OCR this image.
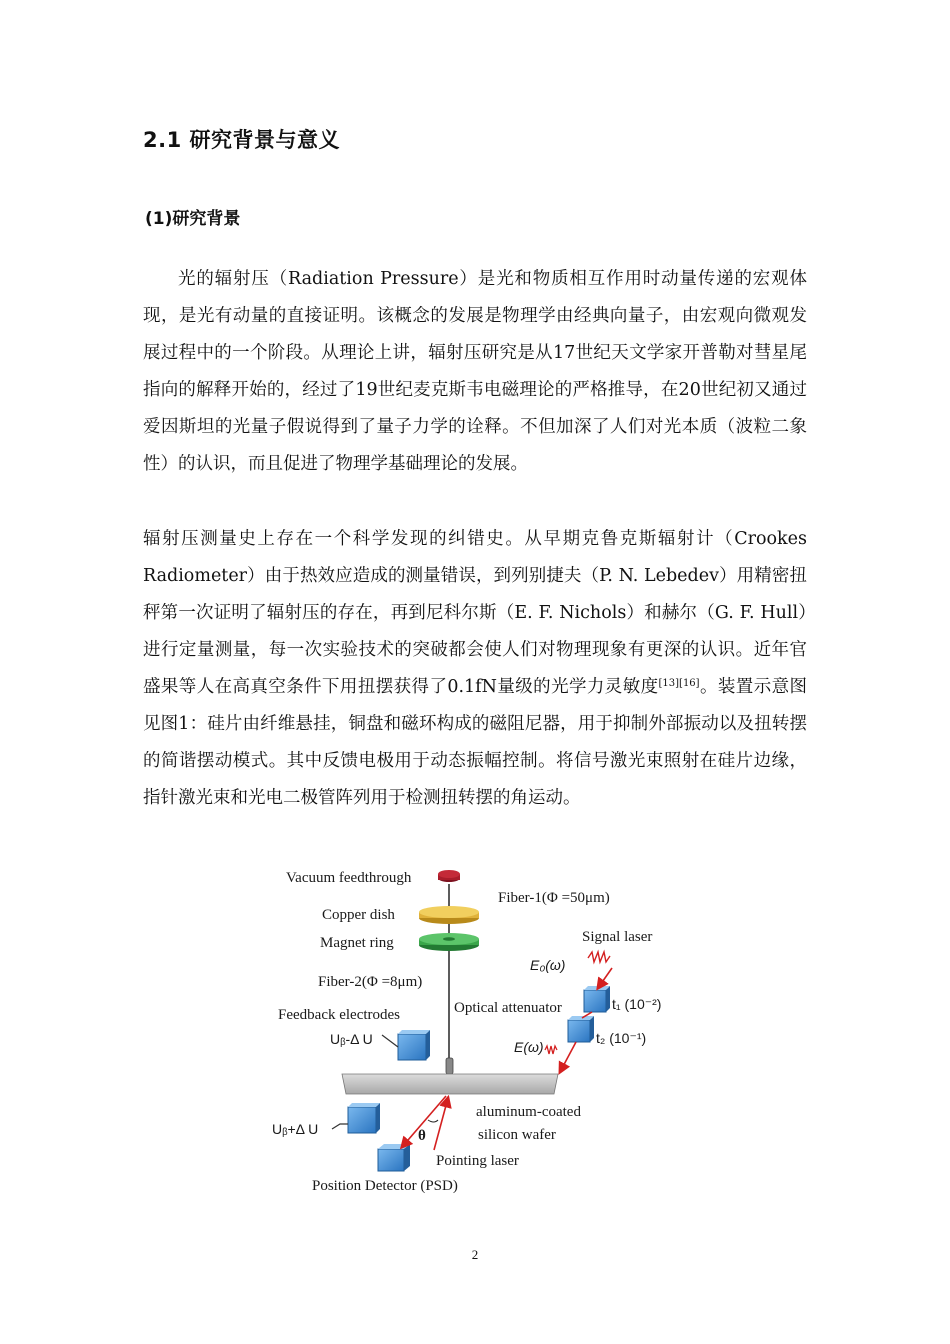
2.1 研究背景与意义
(1)研究背景

光的辐射压（Radiation Pressure）是光和物质相互作用时动量传递的宏观体现，是光有动量的直接证明。该概念的发展是物理学由经典向量子，由宏观向微观发展过程中的一个阶段。从理论上讲，辐射压研究是从17世纪天文学家开普勒对彗星尾指向的解释开始的，经过了19世纪麦克斯韦电磁理论的严格推导，在20世纪初又通过爱因斯坦的光量子假说得到了量子力学的诠释。不但加深了人们对光本质（波粒二象性）的认识，而且促进了物理学基础理论的发展。

辐射压测量史上存在一个科学发现的纠错史。从早期克鲁克斯辐射计（Crookes Radiometer）由于热效应造成的测量错误，到列别捷夫（P. N. Lebedev）用精密扭秤第一次证明了辐射压的存在，再到尼科尔斯（E. F. Nichols）和赫尔（G. F. Hull）进行定量测量，每一次实验技术的突破都会使人们对物理现象有更深的认识。近年官盛果等人在高真空条件下用扭摆获得了0.1fN量级的光学力灵敏度[13][16]。装置示意图见图1：硅片由纤维悬挂，铜盘和磁环构成的磁阻尼器，用于抑制外部振动以及扭转摆的简谐摆动模式。其中反馈电极用于动态振幅控制。将信号激光束照射在硅片边缘，指针激光束和光电二极管阵列用于检测扭转摆的角运动。

Vacuum feedthrough
Fiber-1(Φ =50μm)
Copper dish
Magnet ring	Signal laser
E₀(ω)
Fiber-2(Φ =8μm)
Optical attenuator	t₁ (10⁻²)
Feedback electrodes
Uᵦ-Δ U	t₂ (10⁻¹)
E(ω)
aluminum-coated
silicon wafer
Uᵦ+Δ U	θ
Pointing laser
Position Detector (PSD)
2
